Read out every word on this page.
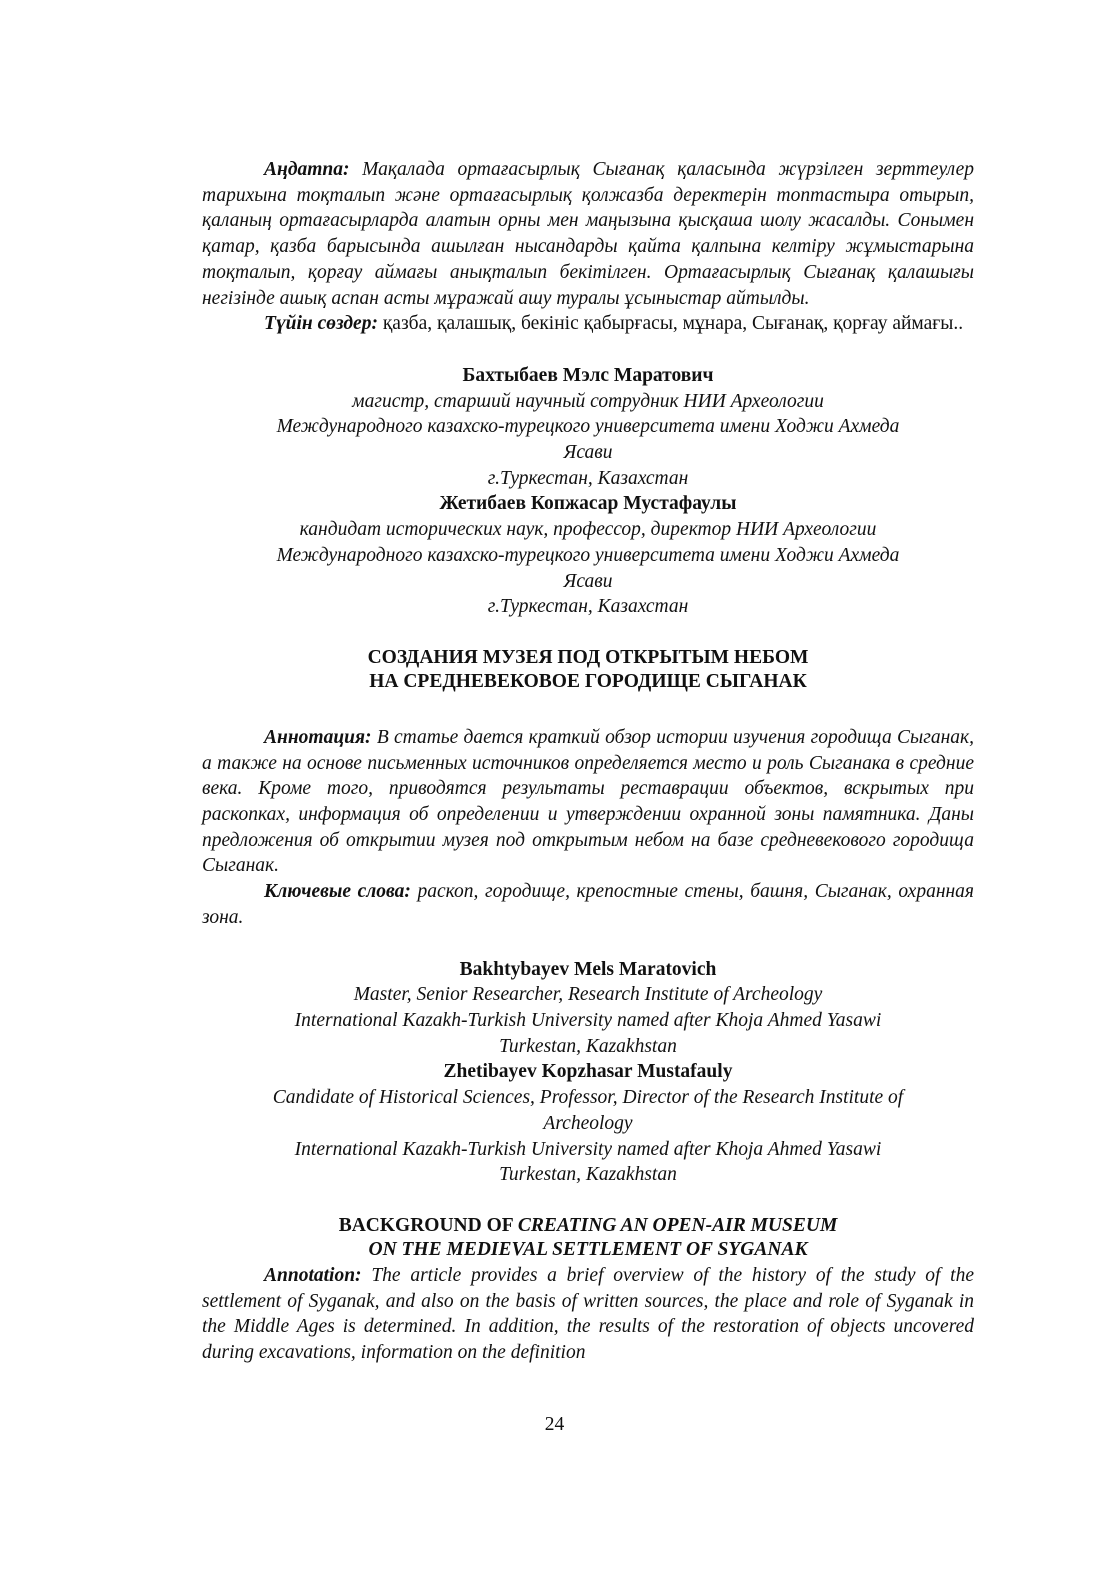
Аңдатпа: Мақалада ортағасырлық Сығанақ қаласында жүрзілген зерттеулер тарихына тоқталып және ортағасырлық қолжазба деректерін топтастыра отырып, қаланың ортағасырларда алатын орны мен маңызына қысқаша шолу жасалды. Сонымен қатар, қазба барысында ашылған нысандарды қайта қалпына келтіру жұмыстарына тоқталып, қорғау аймағы анықталып бекітілген. Ортағасырлық Сығанақ қалашығы негізінде ашық аспан асты мұражай ашу туралы ұсыныстар айтылды.

Түйін сөздер: қазба, қалашық, бекініс қабырғасы, мұнара, Сығанақ, қорғау аймағы..

Бахтыбаев Мэлс Маратович
магистр, старший научный сотрудник НИИ Археологии
Международного казахско-турецкого университета имени Ходжи Ахмеда
Ясави
г.Туркестан, Казахстан
Жетибаев Копжасар Мустафаулы
кандидат исторических наук, профессор, директор НИИ Археологии
Международного казахско-турецкого университета имени Ходжи Ахмеда
Ясави
г.Туркестан, Казахстан
СОЗДАНИЯ МУЗЕЯ ПОД ОТКРЫТЫМ НЕБОМ
НА СРЕДНЕВЕКОВОЕ ГОРОДИЩЕ СЫГАНАК

Аннотация: В статье дается краткий обзор истории изучения городища Сыганак, а также на основе письменных источников определяется место и роль Сыганака в средние века. Кроме того, приводятся результаты реставрации объектов, вскрытых при раскопках, информация об определении и утверждении охранной зоны памятника. Даны предложения об открытии музея под открытым небом на базе средневекового городища Сыганак.

Ключевые слова: раскоп, городище, крепостные стены, башня, Сыганак, охранная зона.

Bakhtybayev Mels Maratovich
Master, Senior Researcher, Research Institute of Archeology
International Kazakh-Turkish University named after Khoja Ahmed Yasawi
Turkestan, Kazakhstan
Zhetibayev Kopzhasar Mustafauly
Candidate of Historical Sciences, Professor, Director of the Research Institute of
Archeology
International Kazakh-Turkish University named after Khoja Ahmed Yasawi
Turkestan, Kazakhstan
BACKGROUND OF CREATING AN OPEN-AIR MUSEUM
ON THE MEDIEVAL SETTLEMENT OF SYGANAK

Annotation: The article provides a brief overview of the history of the study of the settlement of Syganak, and also on the basis of written sources, the place and role of Syganak in the Middle Ages is determined. In addition, the results of the restoration of objects uncovered during excavations, information on the definition

24
